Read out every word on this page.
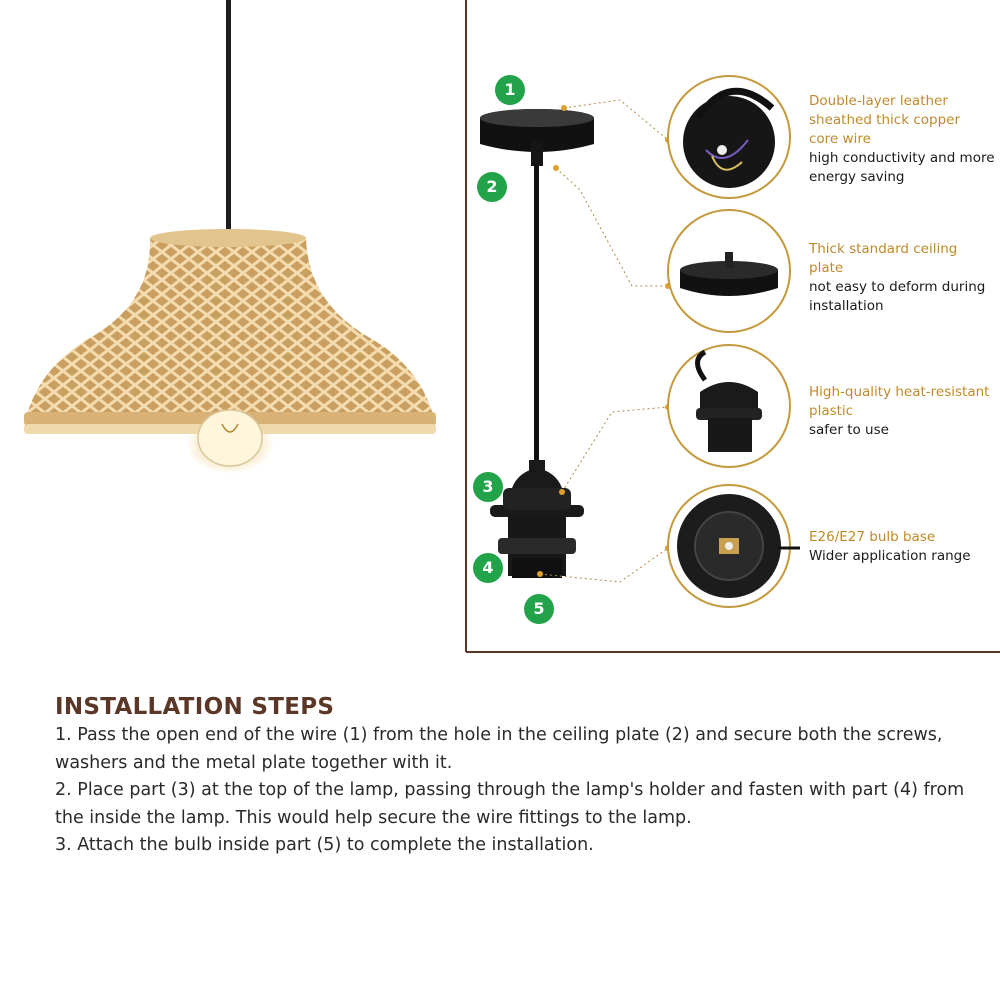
1
2
3
4
5
Double-layer leather sheathed thick copper core wire
high conductivity and more energy saving
Thick standard ceiling plate
not easy to deform during installation
High-quality heat-resistant plastic
safer to use
E26/E27 bulb base
Wider application range
INSTALLATION STEPS

1. Pass the open end of the wire (1) from the hole in the ceiling plate (2) and secure both the screws, washers and the metal plate together with it.

2. Place part (3) at the top of the lamp, passing through the lamp's holder and fasten with part (4) from the inside the lamp. This would help secure the wire fittings to the lamp.

3. Attach the bulb inside part (5) to complete the installation.
